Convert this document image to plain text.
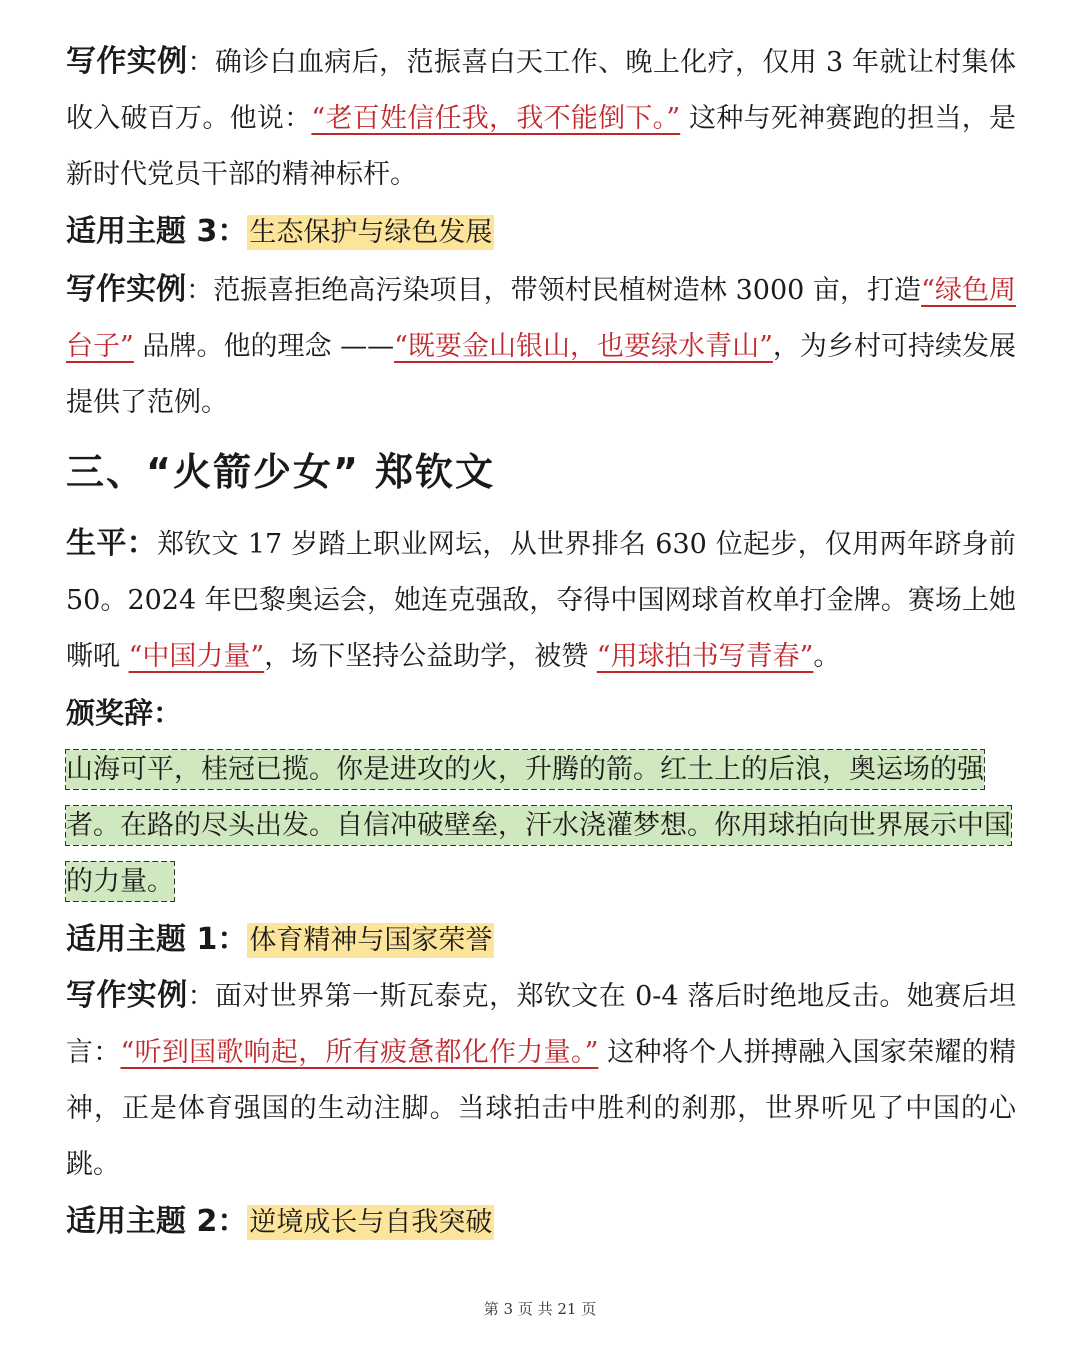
写作实例：确诊白血病后，范振喜白天工作、晚上化疗，仅用 3 年就让村集体收入破百万。他说：“老百姓信任我，我不能倒下。” 这种与死神赛跑的担当，是新时代党员干部的精神标杆。
适用主题 3：生态保护与绿色发展
写作实例：范振喜拒绝高污染项目，带领村民植树造林 3000 亩，打造“绿色周台子” 品牌。他的理念 ——“既要金山银山，也要绿水青山”，为乡村可持续发展提供了范例。
三、“火箭少女” 郑钦文
生平：郑钦文 17 岁踏上职业网坛，从世界排名 630 位起步，仅用两年跻身前 50。2024 年巴黎奥运会，她连克强敌，夺得中国网球首枚单打金牌。赛场上她嘶吼 “中国力量”，场下坚持公益助学，被赞 “用球拍书写青春”。
颁奖辞：
山海可平，桂冠已揽。你是进攻的火，升腾的箭。红土上的后浪，奥运场的强者。在路的尽头出发。自信冲破壁垒，汗水浇灌梦想。你用球拍向世界展示中国的力量。
适用主题 1：体育精神与国家荣誉
写作实例：面对世界第一斯瓦泰克，郑钦文在 0-4 落后时绝地反击。她赛后坦言：“听到国歌响起，所有疲惫都化作力量。” 这种将个人拼搏融入国家荣耀的精神，正是体育强国的生动注脚。当球拍击中胜利的刹那，世界听见了中国的心跳。
适用主题 2：逆境成长与自我突破
第 3 页 共 21 页
